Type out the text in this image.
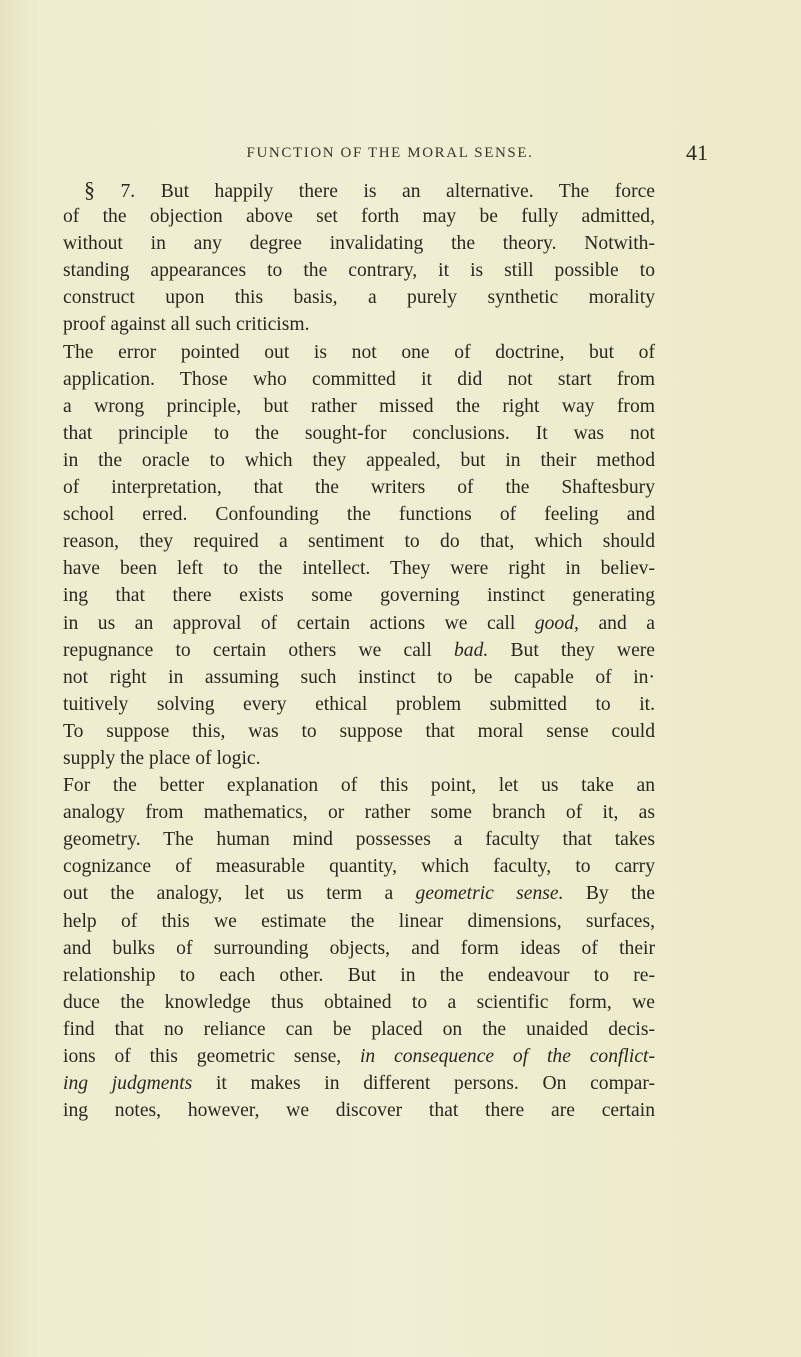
FUNCTION OF THE MORAL SENSE.	41
§ 7. But happily there is an alternative. The force
of the objection above set forth may be fully admitted,
without in any degree invalidating the theory. Notwith-
standing appearances to the contrary, it is still possible to
construct upon this basis, a purely synthetic morality
proof against all such criticism.
The error pointed out is not one of doctrine, but of
application. Those who committed it did not start from
a wrong principle, but rather missed the right way from
that principle to the sought-for conclusions. It was not
in the oracle to which they appealed, but in their method
of interpretation, that the writers of the Shaftesbury
school erred. Confounding the functions of feeling and
reason, they required a sentiment to do that, which should
have been left to the intellect. They were right in believ-
ing that there exists some governing instinct generating
in us an approval of certain actions we call good, and a
repugnance to certain others we call bad. But they were
not right in assuming such instinct to be capable of in·
tuitively solving every ethical problem submitted to it.
To suppose this, was to suppose that moral sense could
supply the place of logic.
For the better explanation of this point, let us take an
analogy from mathematics, or rather some branch of it, as
geometry. The human mind possesses a faculty that takes
cognizance of measurable quantity, which faculty, to carry
out the analogy, let us term a geometric sense. By the
help of this we estimate the linear dimensions, surfaces,
and bulks of surrounding objects, and form ideas of their
relationship to each other. But in the endeavour to re-
duce the knowledge thus obtained to a scientific form, we
find that no reliance can be placed on the unaided decis-
ions of this geometric sense, in consequence of the conflict-
ing judgments it makes in different persons. On compar-
ing notes, however, we discover that there are certain
